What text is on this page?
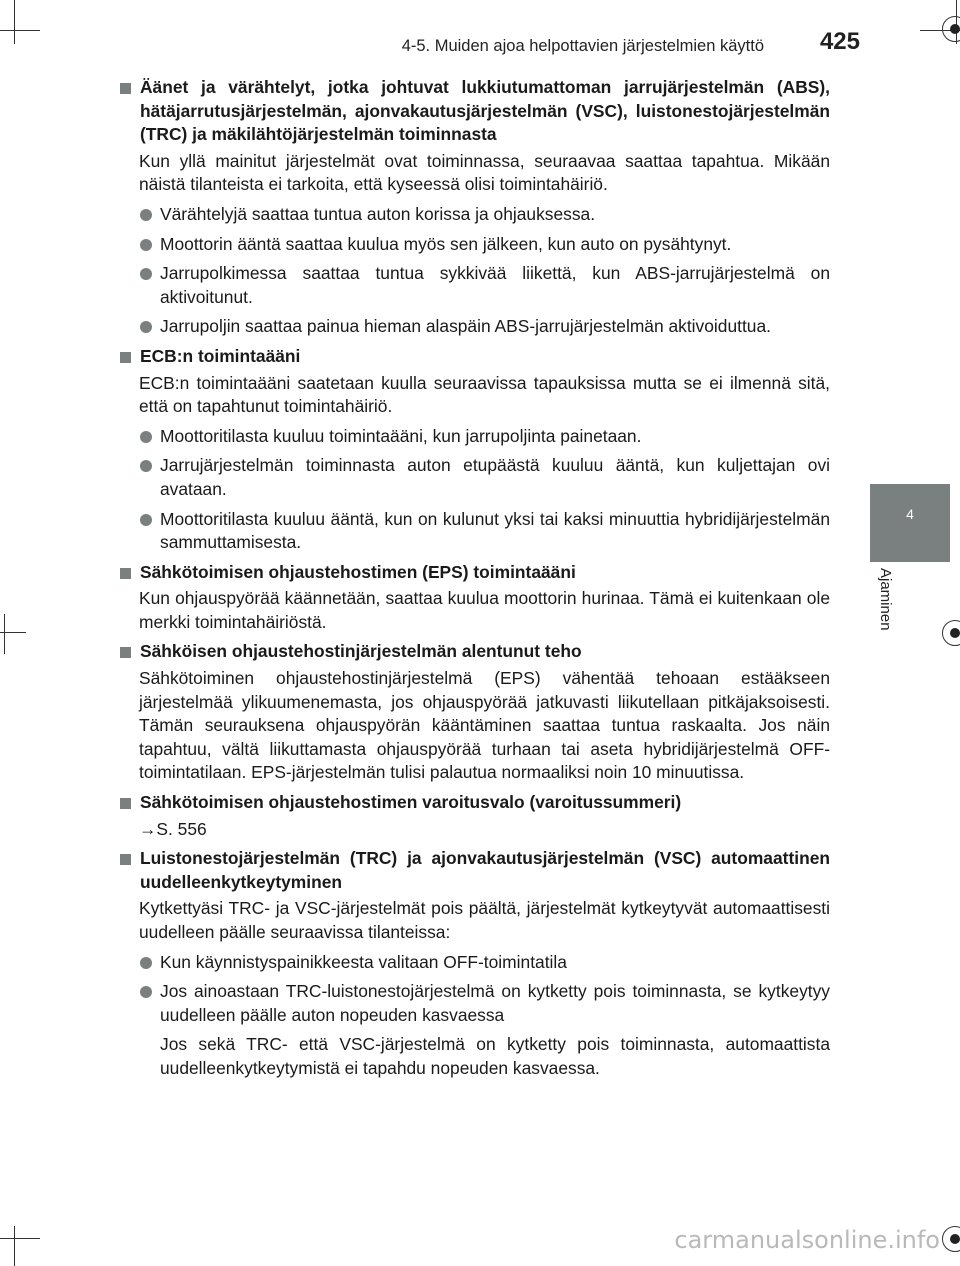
4-5. Muiden ajoa helpottavien järjestelmien käyttö 425
4
Ajaminen
Äänet ja värähtelyt, jotka johtuvat lukkiutumattoman jarrujärjestelmän (ABS), hätäjarrutusjärjestelmän, ajonvakautusjärjestelmän (VSC), luistonestojärjestelmän (TRC) ja mäkilähtöjärjestelmän toiminnasta
Kun yllä mainitut järjestelmät ovat toiminnassa, seuraavaa saattaa tapahtua. Mikään näistä tilanteista ei tarkoita, että kyseessä olisi toimintahäiriö.
Värähtelyjä saattaa tuntua auton korissa ja ohjauksessa.
Moottorin ääntä saattaa kuulua myös sen jälkeen, kun auto on pysähtynyt.
Jarrupolkimessa saattaa tuntua sykkivää liikettä, kun ABS-jarrujärjestelmä on aktivoitunut.
Jarrupoljin saattaa painua hieman alaspäin ABS-jarrujärjestelmän aktivoiduttua.
ECB:n toimintaääni
ECB:n toimintaääni saatetaan kuulla seuraavissa tapauksissa mutta se ei ilmennä sitä, että on tapahtunut toimintahäiriö.
Moottoritilasta kuuluu toimintaääni, kun jarrupoljinta painetaan.
Jarrujärjestelmän toiminnasta auton etupäästä kuuluu ääntä, kun kuljettajan ovi avataan.
Moottoritilasta kuuluu ääntä, kun on kulunut yksi tai kaksi minuuttia hybridijärjestelmän sammuttamisesta.
Sähkötoimisen ohjaustehostimen (EPS) toimintaääni
Kun ohjauspyörää käännetään, saattaa kuulua moottorin hurinaa. Tämä ei kuitenkaan ole merkki toimintahäiriöstä.
Sähköisen ohjaustehostinjärjestelmän alentunut teho
Sähkötoiminen ohjaustehostinjärjestelmä (EPS) vähentää tehoaan estääkseen järjestelmää ylikuumenemasta, jos ohjauspyörää jatkuvasti liikutellaan pitkäjaksoisesti. Tämän seurauksena ohjauspyörän kääntäminen saattaa tuntua raskaalta. Jos näin tapahtuu, vältä liikuttamasta ohjauspyörää turhaan tai aseta hybridijärjestelmä OFF-toimintatilaan. EPS-järjestelmän tulisi palautua normaaliksi noin 10 minuutissa.
Sähkötoimisen ohjaustehostimen varoitusvalo (varoitussummeri)
→S. 556
Luistonestojärjestelmän (TRC) ja ajonvakautusjärjestelmän (VSC) automaattinen uudelleenkytkeytyminen
Kytkettyäsi TRC- ja VSC-järjestelmät pois päältä, järjestelmät kytkeytyvät automaattisesti uudelleen päälle seuraavissa tilanteissa:
Kun käynnistyspainikkeesta valitaan OFF-toimintatila
Jos ainoastaan TRC-luistonestojärjestelmä on kytketty pois toiminnasta, se kytkeytyy uudelleen päälle auton nopeuden kasvaessa
Jos sekä TRC- että VSC-järjestelmä on kytketty pois toiminnasta, automaattista uudelleenkytkeytymistä ei tapahdu nopeuden kasvaessa.
carmanualsonline.info
